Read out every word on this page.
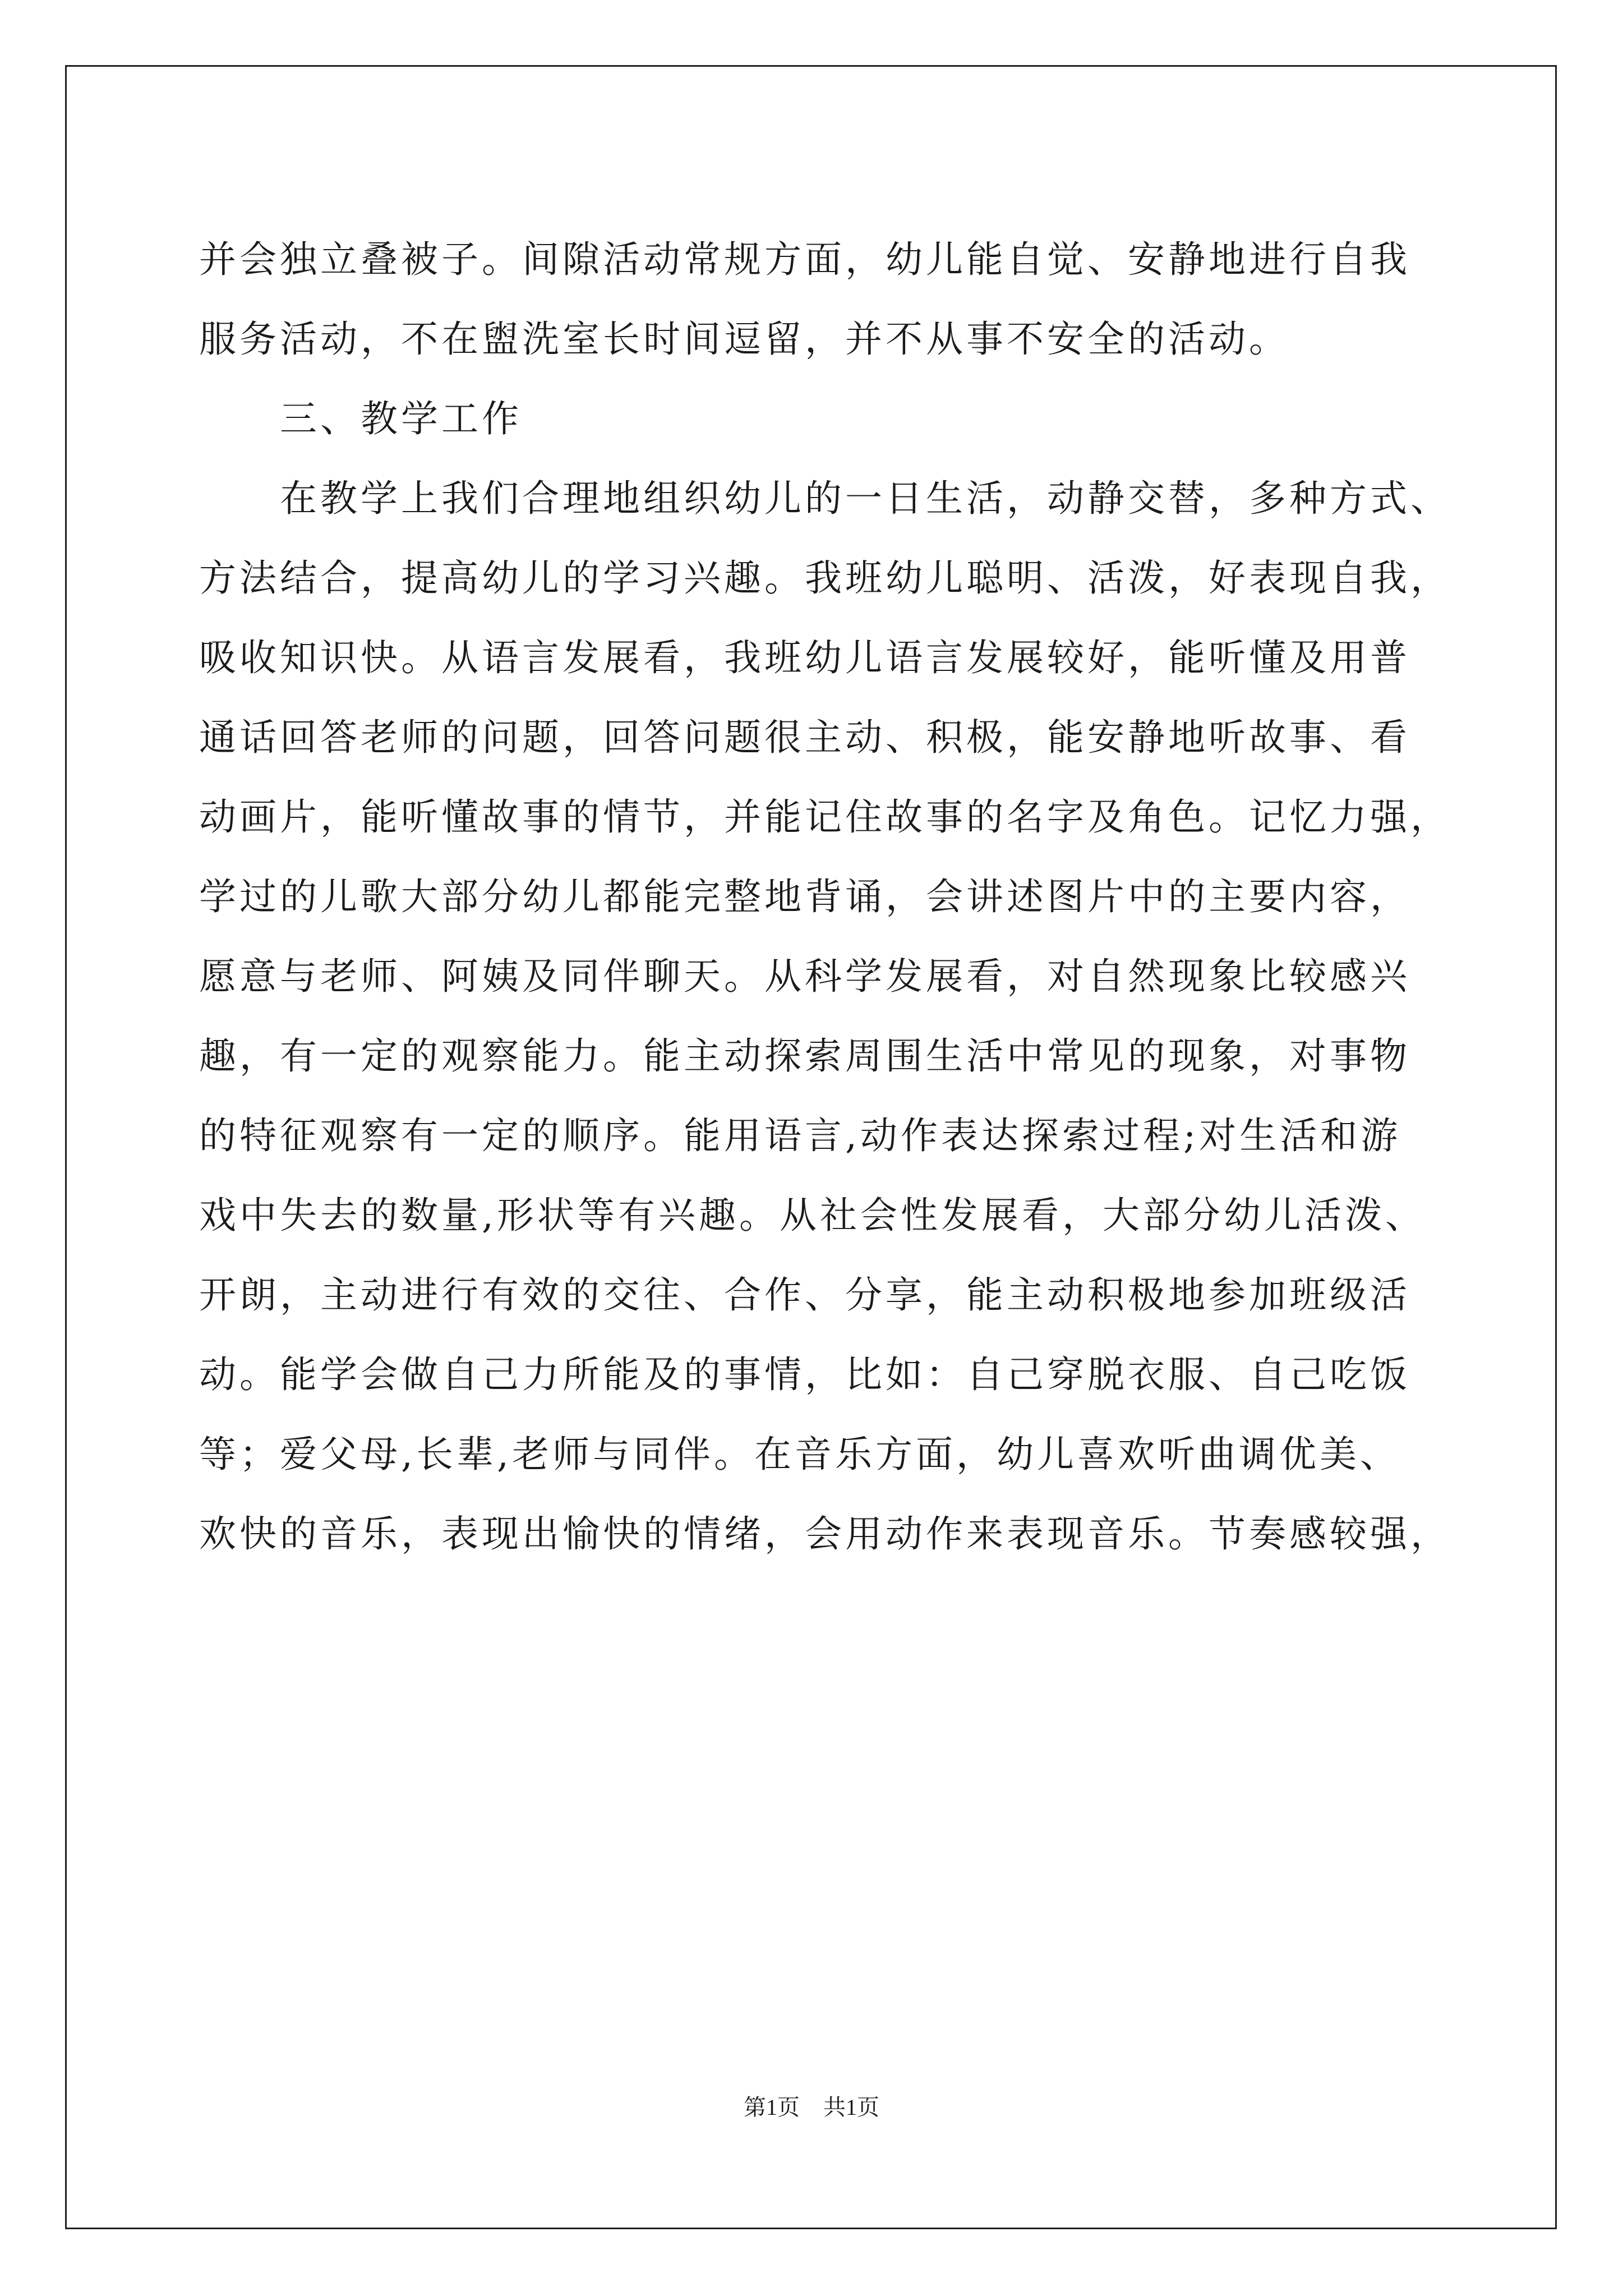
并会独立叠被子。间隙活动常规方面，幼儿能自觉、安静地进行自我
服务活动，不在盥洗室长时间逗留，并不从事不安全的活动。
三、教学工作
在教学上我们合理地组织幼儿的一日生活，动静交替，多种方式、
方法结合，提高幼儿的学习兴趣。我班幼儿聪明、活泼，好表现自我，
吸收知识快。从语言发展看，我班幼儿语言发展较好，能听懂及用普
通话回答老师的问题，回答问题很主动、积极，能安静地听故事、看
动画片，能听懂故事的情节，并能记住故事的名字及角色。记忆力强，
学过的儿歌大部分幼儿都能完整地背诵，会讲述图片中的主要内容，
愿意与老师、阿姨及同伴聊天。从科学发展看，对自然现象比较感兴
趣，有一定的观察能力。能主动探索周围生活中常见的现象，对事物
的特征观察有一定的顺序。能用语言,动作表达探索过程;对生活和游
戏中失去的数量,形状等有兴趣。从社会性发展看，大部分幼儿活泼、
开朗，主动进行有效的交往、合作、分享，能主动积极地参加班级活
动。能学会做自己力所能及的事情，比如：自己穿脱衣服、自己吃饭
等；爱父母,长辈,老师与同伴。在音乐方面，幼儿喜欢听曲调优美、
欢快的音乐，表现出愉快的情绪，会用动作来表现音乐。节奏感较强，
第1页 共1页
